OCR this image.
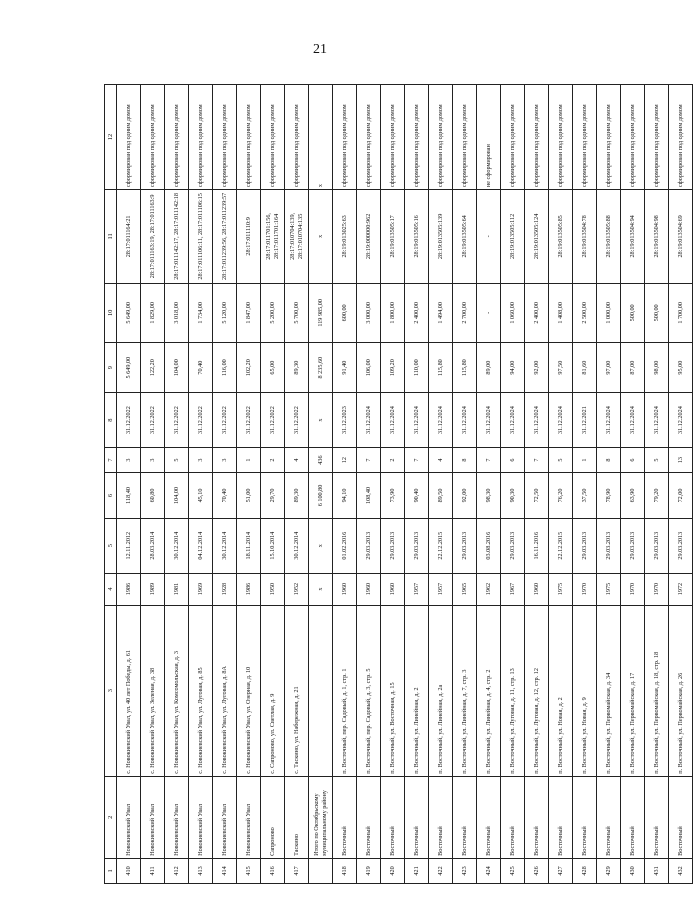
21
1	2	3	4	5	6	7	8	9	10	11	12
410	Новокиевский Увал	с. Новокиевский Увал, ул. 40 лет Победы, д. 61	1986	12.11.2012	118,40	3	31.12.2022	5 649,00	5 649,00	28:17:011164:21	сформирован под одним домом
411	Новокиевский Увал	с. Новокиевский Увал, ул. Зеленая, д. 38	1989	28.03.2014	60,80	3	31.12.2022	122,20	1 829,00	28:17:011163:19, 28:17:011163:9	сформирован под одним домом
412	Новокиевский Увал	с. Новокиевский Увал, ул. Комсомольская, д. 3	1981	30.12.2014	104,00	5	31.12.2022	104,00	3 018,00	28:17:011142:17, 28:17:011142:18	сформирован под одним домом
413	Новокиевский Увал	с. Новокиевский Увал, ул. Луговая, д. 85	1969	04.12.2014	45,10	3	31.12.2022	70,40	1 734,00	28:17:011106:11, 28:17:011106:15	сформирован под одним домом
414	Новокиевский Увал	с. Новокиевский Увал, ул. Луговая, д. 8А	1928	30.12.2014	70,40	3	31.12.2022	116,00	5 120,00	28:17:011239:56, 28:17:011239:57	сформирован под одним домом
415	Новокиевский Увал	с. Новокиевский Увал, ул. Озерная, д. 10	1986	18.11.2014	51,00	1	31.12.2022	102,20	1 847,00	28:17:011110:9	сформирован под одним домом
416	Сапроново	с. Сапроново, ул. Светлая, д. 9	1950	15.10.2014	29,70	2	31.12.2022	65,00	5 200,00	28:17:011701:156, 28:17:011701:164	сформирован под одним домом
417	Таскино	с. Таскино, ул. Набережная, д. 21	1952	30.12.2014	89,30	4	31.12.2022	89,30	5 700,00	28:17:010704:139, 28:17:010704:135	сформирован под одним домом
	Итого по Октябрьскому муниципальному району		x	x	6 100,80	436	x	8 235,60	119 985,00	x	x
418	Восточный	п. Восточный, пер. Садовый, д. 1, стр. 1	1960	01.02.2016	94,10	12	31.12.2023	91,40	600,00	28:19:013025:63	сформирован под одним домом
419	Восточный	п. Восточный, пер. Садовый, д. 3, стр. 5	1960	29.03.2013	108,40	7	31.12.2024	106,00	3 000,00	28:19:000000:962	сформирован под одним домом
420	Восточный	п. Восточный, ул. Восточная, д. 15	1960	29.03.2013	73,90	2	31.12.2024	109,20	1 800,00	28:19:013505:17	сформирован под одним домом
421	Восточный	п. Восточный, ул. Линейная, д. 2	1957	29.03.2013	90,40	7	31.12.2024	110,00	2 400,00	28:19:013505:16	сформирован под одним домом
422	Восточный	п. Восточный, ул. Линейная, д. 2а	1957	22.12.2015	89,50	4	31.12.2024	115,80	1 494,00	28:19:013505:139	сформирован под одним домом
423	Восточный	п. Восточный, ул. Линейная, д. 7, стр. 3	1965	29.03.2013	92,00	8	31.12.2024	115,80	2 700,00	28:19:013505:64	сформирован под одним домом
424	Восточный	п. Восточный, ул. Линейная, д. 4, стр. 2	1962	03.08.2016	98,30	7	31.12.2024	89,00	-	-	не сформирован
425	Восточный	п. Восточный, ул. Луговая, д. 11, стр. 13	1967	29.03.2013	90,30	6	31.12.2024	94,00	1 060,00	28:19:013505:112	сформирован под одним домом
426	Восточный	п. Восточный, ул. Луговая, д. 12, стр. 12	1960	16.11.2016	72,50	7	31.12.2024	92,00	2 400,00	28:19:013505:124	сформирован под одним домом
427	Восточный	п. Восточный, ул. Новая, д. 2	1975	22.12.2015	76,20	5	31.12.2024	97,50	1 408,00	28:19:013505:85	сформирован под одним домом
428	Восточный	п. Восточный, ул. Новая, д. 9	1970	29.03.2013	37,50	1	31.12.2021	81,60	2 500,00	28:19:013504:78	сформирован под одним домом
429	Восточный	п. Восточный, ул. Первомайская, д. 34	1975	29.03.2013	78,90	8	31.12.2024	97,00	1 000,00	28:19:013505:88	сформирован под одним домом
430	Восточный	п. Восточный, ул. Первомайская, д. 17	1970	29.03.2013	63,90	6	31.12.2024	87,00	500,00	28:19:013504:94	сформирован под одним домом
431	Восточный	п. Восточный, ул. Первомайская, д. 18, стр. 18	1970	29.03.2013	79,20	5	31.12.2024	98,00	500,00	28:19:013504:98	сформирован под одним домом
432	Восточный	п. Восточный, ул. Первомайская, д. 26	1972	29.03.2013	72,00	13	31.12.2024	95,00	1 700,00	28:19:013504:69	сформирован под одним домом
